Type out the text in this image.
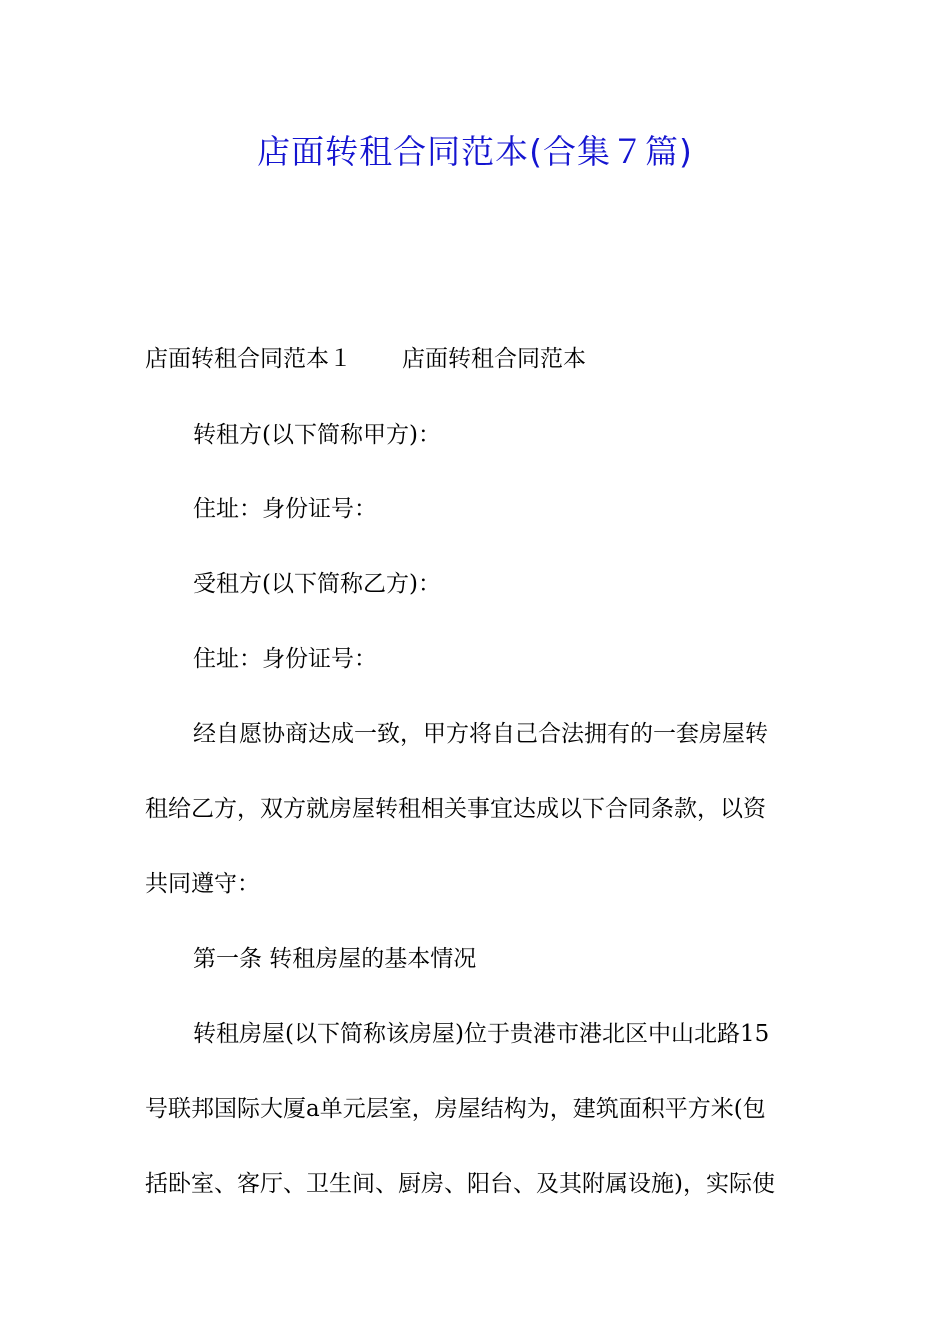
店面转租合同范本(合集７篇)

店面转租合同范本１ 店面转租合同范本

转租方(以下简称甲方)：

住址：身份证号：

受租方(以下简称乙方)：

住址：身份证号：

经自愿协商达成一致，甲方将自己合法拥有的一套房屋转

租给乙方，双方就房屋转租相关事宜达成以下合同条款，以资

共同遵守：

第一条 转租房屋的基本情况

转租房屋(以下简称该房屋)位于贵港市港北区中山北路15

号联邦国际大厦a单元层室，房屋结构为，建筑面积平方米(包

括卧室、客厅、卫生间、厨房、阳台、及其附属设施)，实际使
